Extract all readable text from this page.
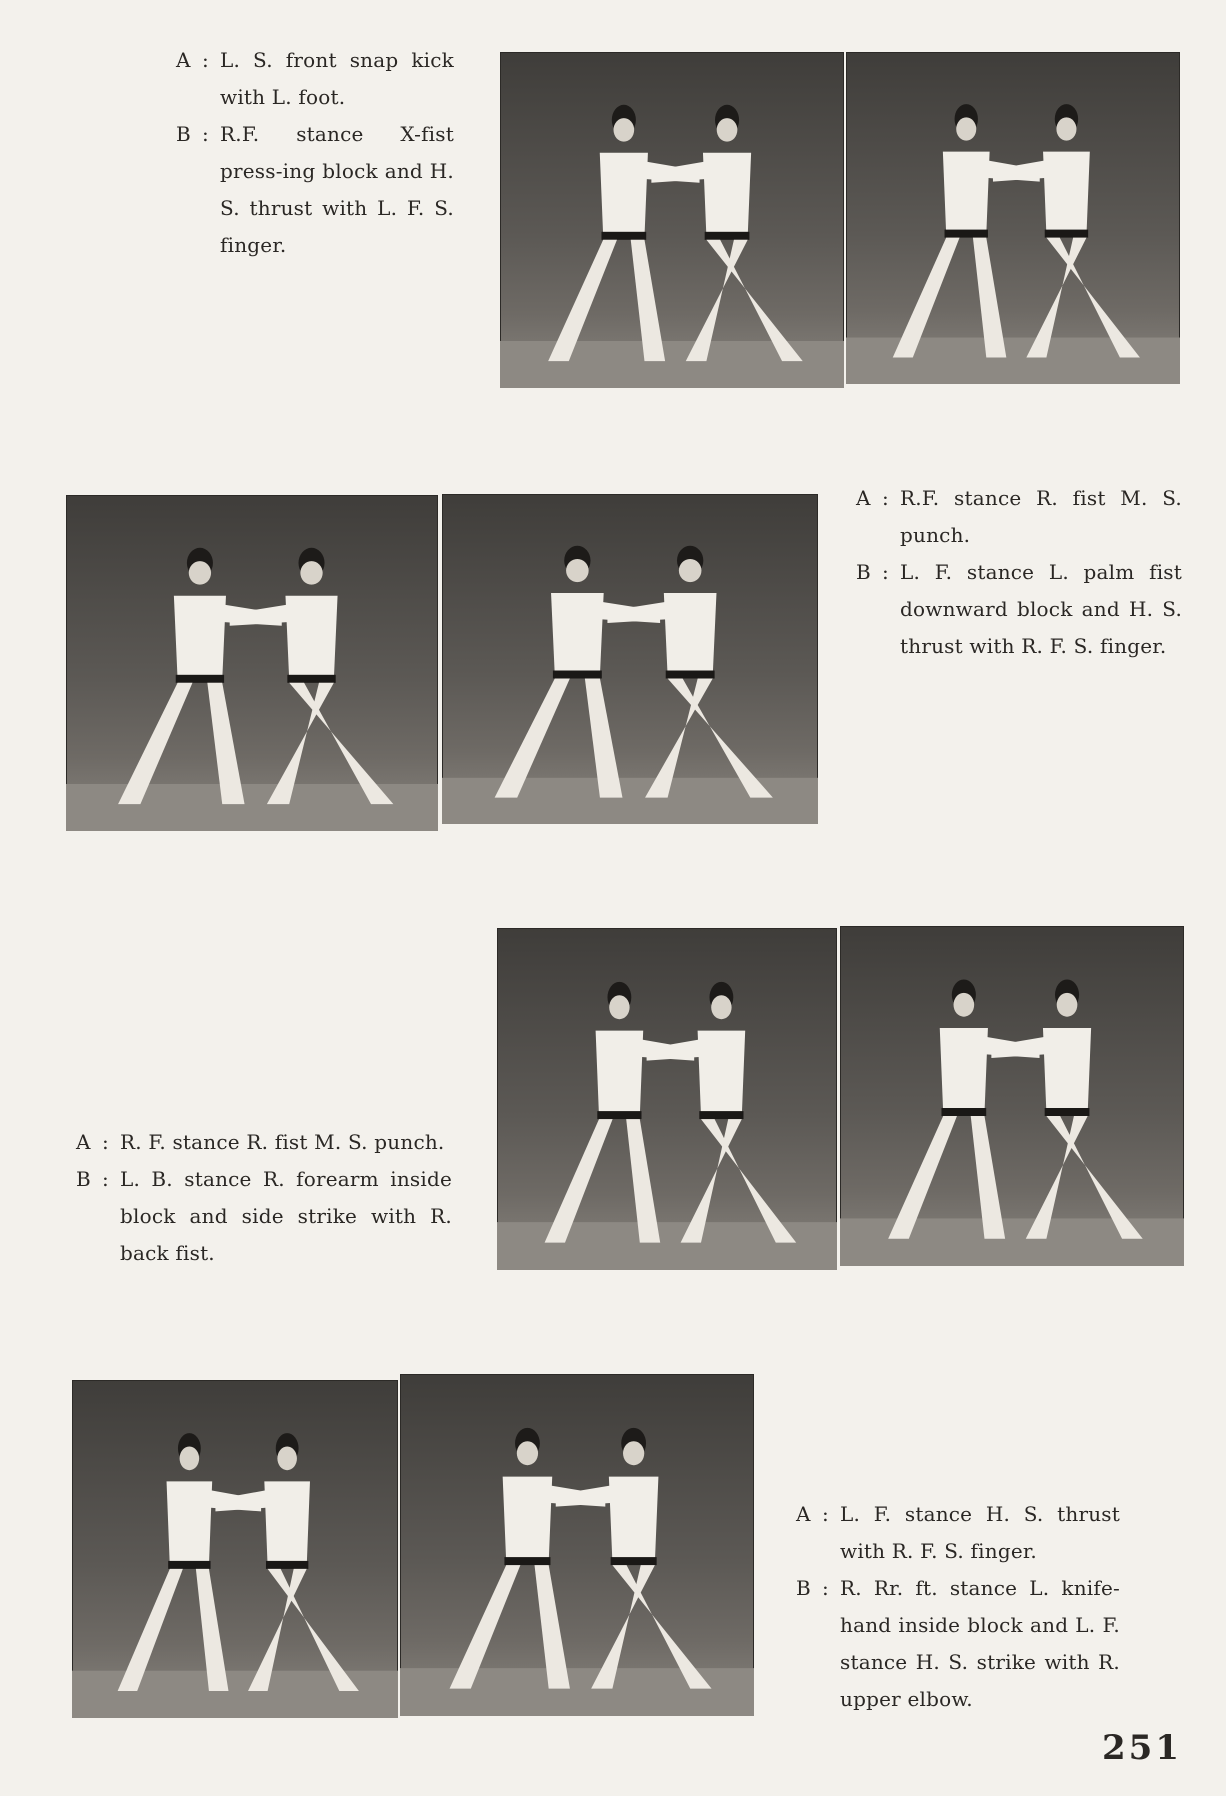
A : L. S. front snap kick with L. foot.
B : R.F. stance X-fist press-ing block and H. S. thrust with L. F. S. finger.
A : R.F. stance R. fist M. S. punch.
B : L. F. stance L. palm fist downward block and H. S. thrust with R. F. S. finger.
A : R. F. stance R. fist M. S. punch.
B : L. B. stance R. forearm inside block and side strike with R. back fist.
A : L. F. stance H. S. thrust with R. F. S. finger.
B : R. Rr. ft. stance L. knife-hand inside block and L. F. stance H. S. strike with R. upper elbow.
251
